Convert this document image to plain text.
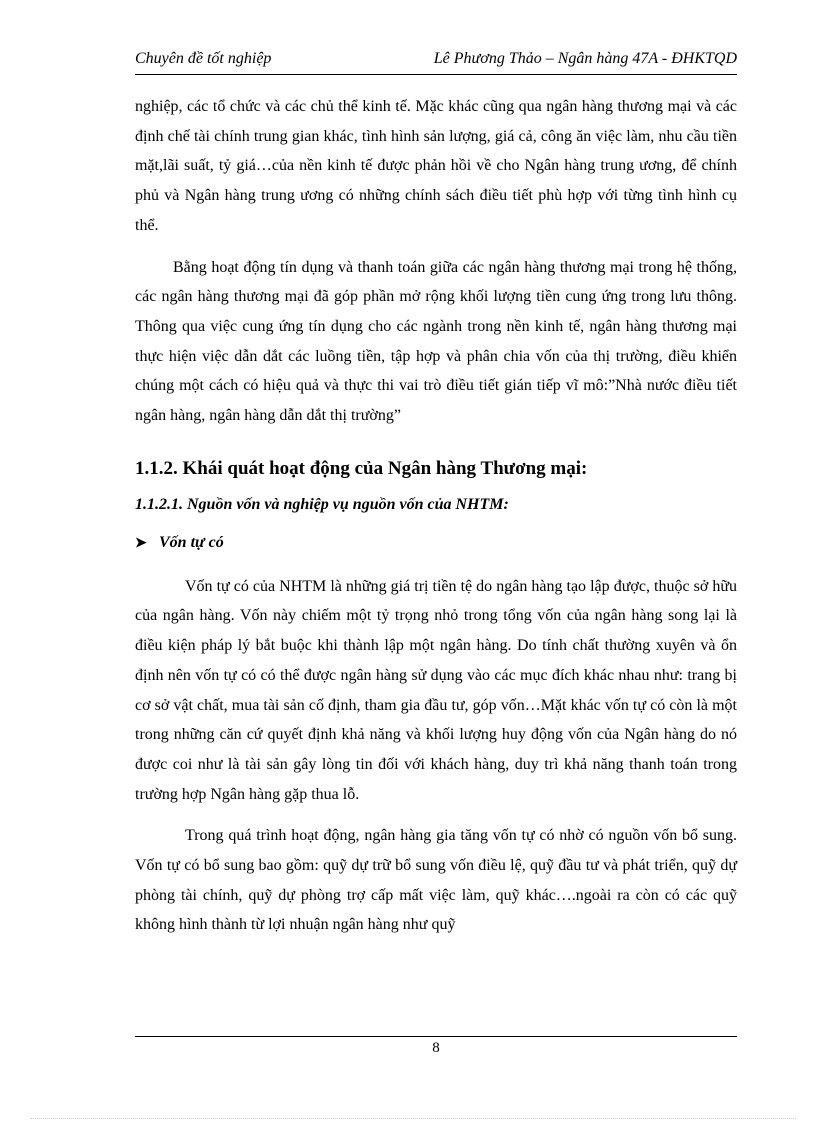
Chuyên đề tốt nghiệp	Lê Phương Thảo – Ngân hàng 47A - ĐHKTQD

nghiệp, các tổ chức và các chủ thể kinh tế. Mặc khác cũng qua ngân hàng thương mại và các định chế tài chính trung gian khác, tình hình sản lượng, giá cả, công ăn việc làm, nhu cầu tiền mặt,lãi suất, tỷ giá…của nền kinh tế được phản hồi về cho Ngân hàng trung ương, để chính phủ và Ngân hàng trung ương có những chính sách điều tiết phù hợp với từng tình hình cụ thể.

Bằng hoạt động tín dụng và thanh toán giữa các ngân hàng thương mại trong hệ thống, các ngân hàng thương mại đã góp phần mở rộng khối lượng tiền cung ứng trong lưu thông. Thông qua việc cung ứng tín dụng cho các ngành trong nền kinh tế, ngân hàng thương mại thực hiện việc dẫn dắt các luồng tiền, tập hợp và phân chia vốn của thị trường, điều khiển chúng một cách có hiệu quả và thực thi vai trò điều tiết gián tiếp vĩ mô:”Nhà nước điều tiết ngân hàng, ngân hàng dẫn dắt thị trường”

1.1.2. Khái quát hoạt động của Ngân hàng Thương mại:
1.1.2.1. Nguồn vốn và nghiệp vụ nguồn vốn của NHTM:
➤ Vốn tự có

Vốn tự có của NHTM là những giá trị tiền tệ do ngân hàng tạo lập được, thuộc sở hữu của ngân hàng. Vốn này chiếm một tỷ trọng nhỏ trong tổng vốn của ngân hàng song lại là điều kiện pháp lý bắt buộc khi thành lập một ngân hàng. Do tính chất thường xuyên và ổn định nên vốn tự có có thể được ngân hàng sử dụng vào các mục đích khác nhau như: trang bị cơ sở vật chất, mua tài sản cố định, tham gia đầu tư, góp vốn…Mặt khác vốn tự có còn là một trong những căn cứ quyết định khả năng và khối lượng huy động vốn của Ngân hàng do nó được coi như là tài sản gây lòng tin đối với khách hàng, duy trì khả năng thanh toán trong trường hợp Ngân hàng gặp thua lỗ.

Trong quá trình hoạt động, ngân hàng gia tăng vốn tự có nhờ có nguồn vốn bổ sung. Vốn tự có bổ sung bao gồm: quỹ dự trữ bổ sung vốn điều lệ, quỹ đầu tư và phát triển, quỹ dự phòng tài chính, quỹ dự phòng trợ cấp mất việc làm, quỹ khác….ngoài ra còn có các quỹ không hình thành từ lợi nhuận ngân hàng như quỹ

8
